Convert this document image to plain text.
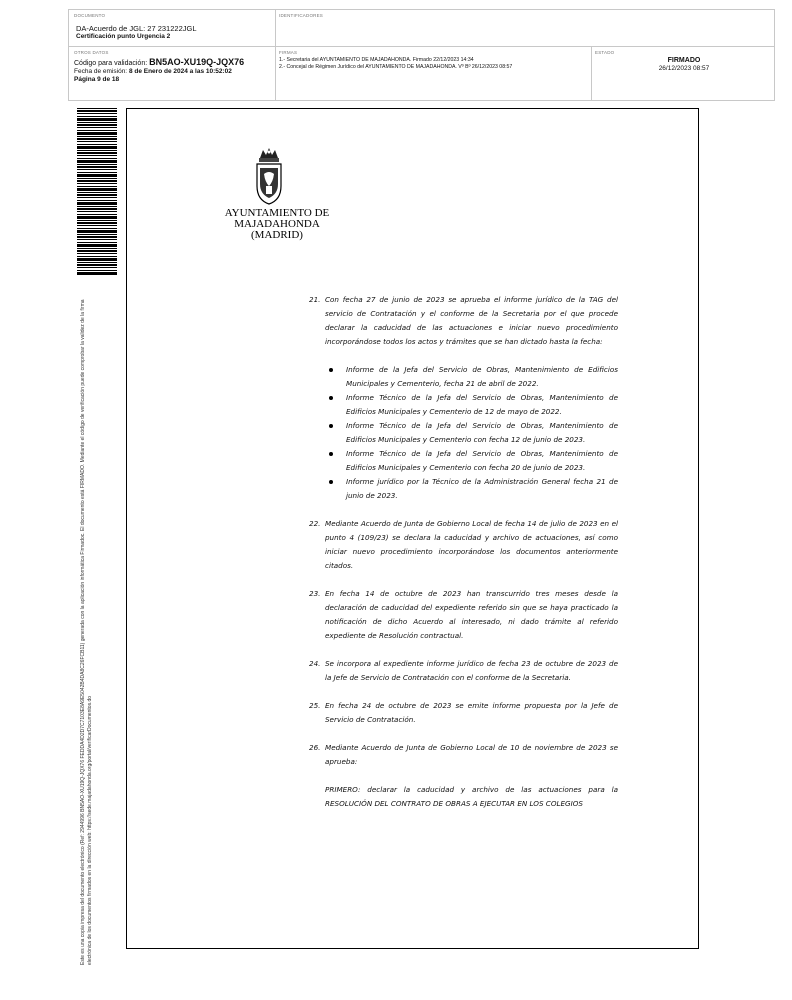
DOCUMENTO
DA-Acuerdo de JGL: 27 231222JGL
Certificación punto Urgencia 2
IDENTIFICADORES
OTROS DATOS
Código para validación: BN5AO-XU19Q-JQX76
Fecha de emisión: 8 de Enero de 2024 a las 10:52:02
Página 9 de 18
FIRMAS
1.- Secretaria del AYUNTAMIENTO DE MAJADAHONDA. Firmado 22/12/2023 14:34
2.- Concejal de Régimen Jurídico del AYUNTAMIENTO DE MAJADAHONDA. Vº Bº 26/12/2023 08:57
ESTADO
FIRMADO
26/12/2023 08:57
Este es una copia impresa del documento electrónico (Ref: 2944996 BN5AO-XU19Q-JQX76 FEDDA4D2D7C7103E8A9E5042B4DA8C26FCB11) generada con la aplicación informática Firmadoc. El documento está FIRMADO. Mediante el código de verificación puede comprobar la validez de la firma electrónica de los documentos firmados en la dirección web: https://sede.majadahonda.org/portal/verificarDocumentos.do
AYUNTAMIENTO DE
MAJADAHONDA
(MADRID)
21. Con fecha 27 de junio de 2023 se aprueba el informe jurídico de la TAG del servicio de Contratación y el conforme de la Secretaria por el que procede declarar la caducidad de las actuaciones e iniciar nuevo procedimiento incorporándose todos los actos y trámites que se han dictado hasta la fecha:
Informe de la Jefa del Servicio de Obras, Mantenimiento de Edificios Municipales y Cementerio, fecha 21 de abril de 2022.
Informe Técnico de la Jefa del Servicio de Obras, Mantenimiento de Edificios Municipales y Cementerio de 12 de mayo de 2022.
Informe Técnico de la Jefa del Servicio de Obras, Mantenimiento de Edificios Municipales y Cementerio con fecha 12 de junio de 2023.
Informe Técnico de la Jefa del Servicio de Obras, Mantenimiento de Edificios Municipales y Cementerio con fecha 20 de junio de 2023.
Informe jurídico por la Técnico de la Administración General fecha 21 de junio de 2023.
22. Mediante Acuerdo de Junta de Gobierno Local de fecha 14 de julio de 2023 en el punto 4 (109/23) se declara la caducidad y archivo de actuaciones, así como iniciar nuevo procedimiento incorporándose los documentos anteriormente citados.
23. En fecha 14 de octubre de 2023 han transcurrido tres meses desde la declaración de caducidad del expediente referido sin que se haya practicado la notificación de dicho Acuerdo al interesado, ni dado trámite al referido expediente de Resolución contractual.
24. Se incorpora al expediente informe jurídico de fecha 23 de octubre de 2023 de la Jefe de Servicio de Contratación con el conforme de la Secretaria.
25. En fecha 24 de octubre de 2023 se emite informe propuesta por la Jefe de Servicio de Contratación.
26. Mediante Acuerdo de Junta de Gobierno Local de 10 de noviembre de 2023 se aprueba:
PRIMERO: declarar la caducidad y archivo de las actuaciones para la RESOLUCIÓN DEL CONTRATO DE OBRAS A EJECUTAR EN LOS COLEGIOS
